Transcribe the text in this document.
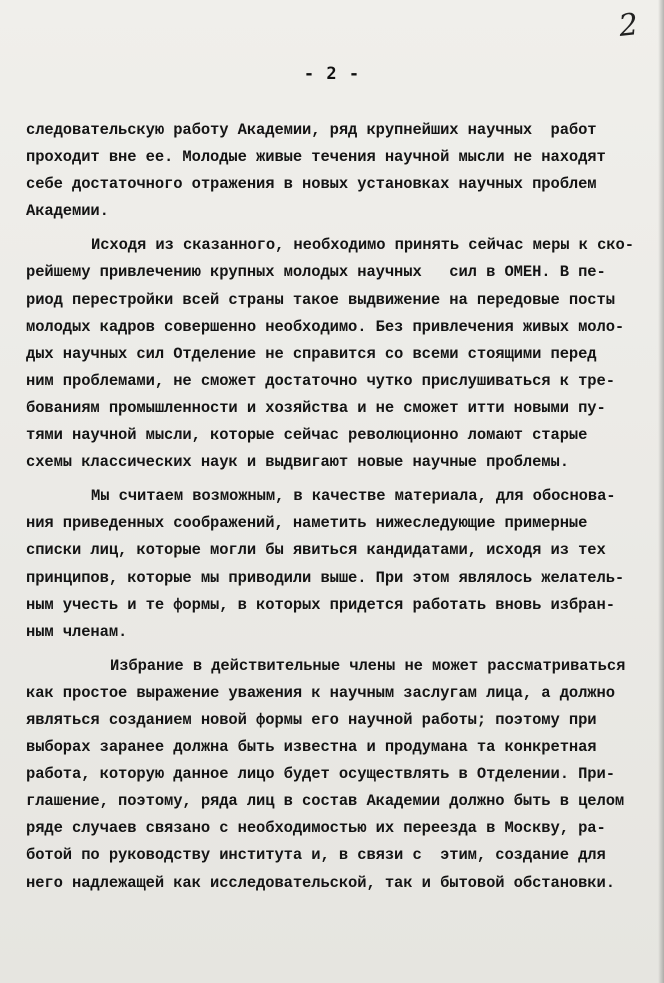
2
- 2 -
следовательскую работу Академии, ряд крупнейших научных  работ
проходит вне ее. Молодые живые течения научной мысли не находят
себе достаточного отражения в новых установках научных проблем
Академии.
Исходя из сказанного, необходимо принять сейчас меры к ско-
рейшему привлечению крупных молодых научных   сил в ОМЕН. В пе-
риод перестройки всей страны такое выдвижение на передовые посты
молодых кадров совершенно необходимо. Без привлечения живых моло-
дых научных сил Отделение не справится со всеми стоящими перед
ним проблемами, не сможет достаточно чутко прислушиваться к тре-
бованиям промышленности и хозяйства и не сможет итти новыми пу-
тями научной мысли, которые сейчас революционно ломают старые
схемы классических наук и выдвигают новые научные проблемы.
Мы считаем возможным, в качестве материала, для обоснова-
ния приведенных соображений, наметить нижеследующие примерные
списки лиц, которые могли бы явиться кандидатами, исходя из тех
принципов, которые мы приводили выше. При этом являлось желатель-
ным учесть и те формы, в которых придется работать вновь избран-
ным членам.
Избрание в действительные члены не может рассматриваться
как простое выражение уважения к научным заслугам лица, а должно
являться созданием новой формы его научной работы; поэтому при
выборах заранее должна быть известна и продумана та конкретная
работа, которую данное лицо будет осуществлять в Отделении. При-
глашение, поэтому, ряда лиц в состав Академии должно быть в целом
ряде случаев связано с необходимостью их переезда в Москву, ра-
ботой по руководству института и, в связи с  этим, создание для
него надлежащей как исследовательской, так и бытовой обстановки.
